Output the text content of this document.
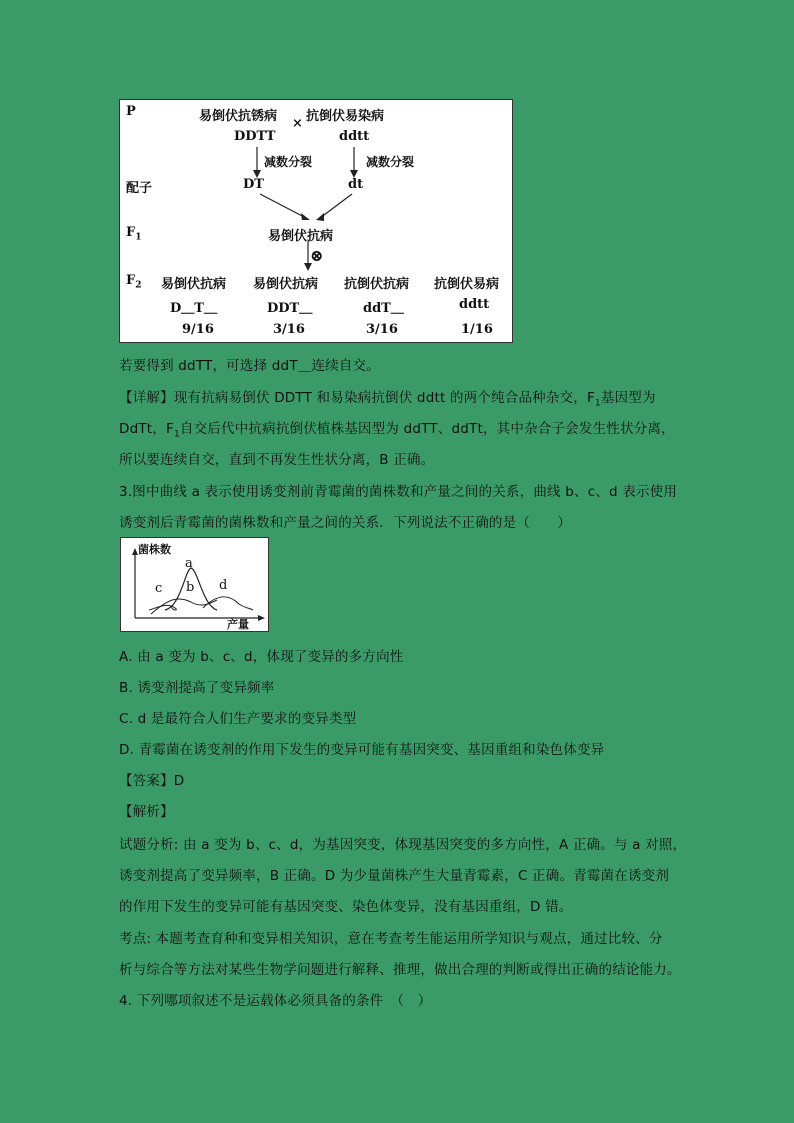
P	易倒伏抗锈病 × 抗倒伏易染病
DDTT	ddtt
减数分裂	减数分裂
配子	DT	dt
$F_1$	易倒伏抗病
⊗
$F_2$ 易倒伏抗病 易倒伏抗病 抗倒伏抗病 抗倒伏易病
D＿T＿	DDT＿	ddT＿	ddtt
9/16	3/16	3/16	1/16
若要得到 ddTT，可选择 ddT＿连续自交。
【详解】现有抗病易倒伏 DDTT 和易染病抗倒伏 ddtt 的两个纯合品种杂交，$F_1$基因型为
DdTt，$F_1$自交后代中抗病抗倒伏植株基因型为 ddTT、ddTt，其中杂合子会发生性状分离，
所以要连续自交，直到不再发生性状分离，B 正确。
3.图中曲线 a 表示使用诱变剂前青霉菌的菌株数和产量之间的关系，曲线 b、c、d 表示使用
诱变剂后青霉菌的菌株数和产量之间的关系．下列说法不正确的是（　　）
菌株数
产量
a
b
c	d
A. 由 a 变为 b、c、d，体现了变异的多方向性
B. 诱变剂提高了变异频率
C. d 是最符合人们生产要求的变异类型
D. 青霉菌在诱变剂的作用下发生的变异可能有基因突变、基因重组和染色体变异
【答案】D
【解析】
试题分析: 由 a 变为 b、c、d，为基因突变，体现基因突变的多方向性，A 正确。与 a 对照，
诱变剂提高了变异频率，B 正确。D 为少量菌株产生大量青霉素，C 正确。青霉菌在诱变剂
的作用下发生的变异可能有基因突变、染色体变异，没有基因重组，D 错。
考点: 本题考查育种和变异相关知识，意在考查考生能运用所学知识与观点，通过比较、分
析与综合等方法对某些生物学问题进行解释、推理，做出合理的判断或得出正确的结论能力。
4. 下列哪项叙述不是运载体必须具备的条件　（　）
